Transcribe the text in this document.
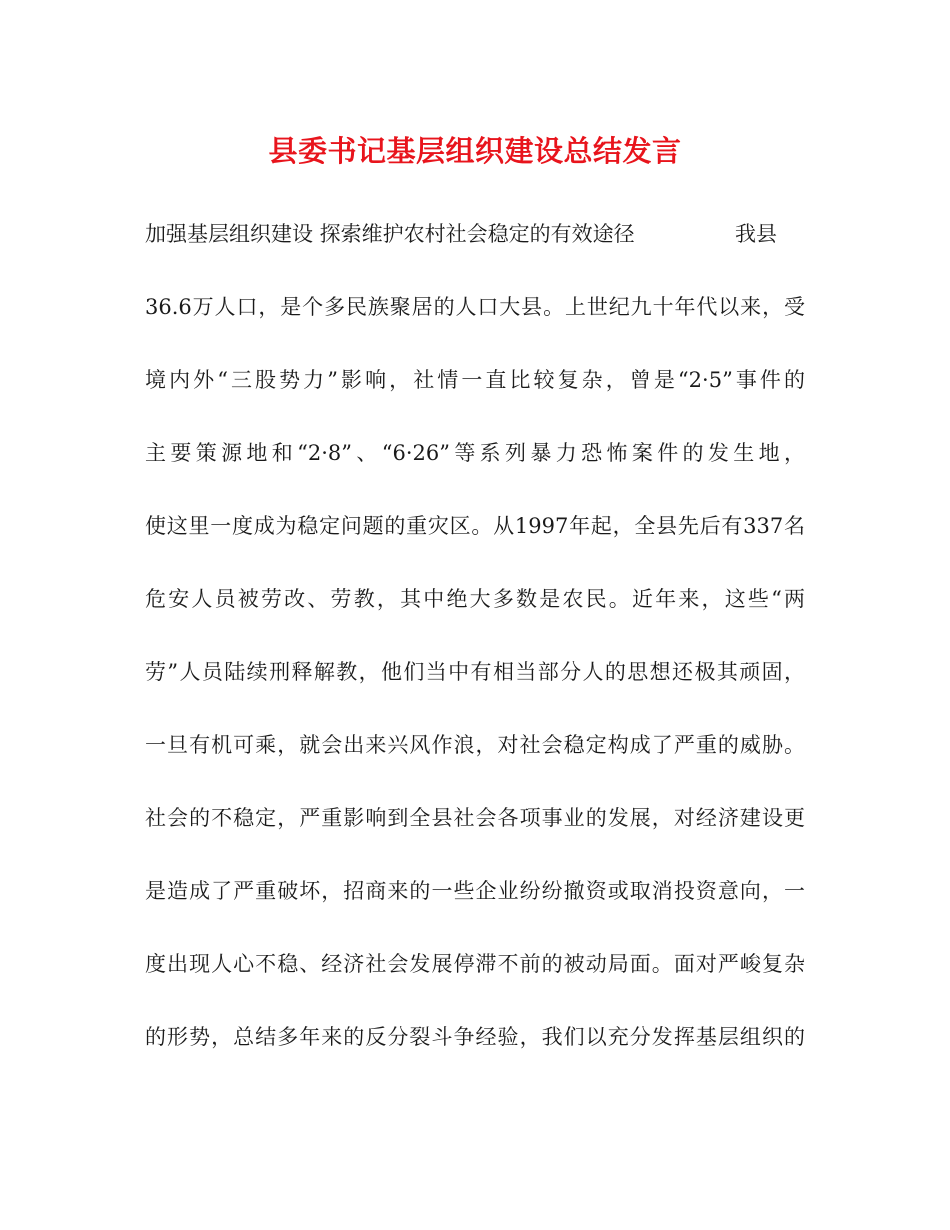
县委书记基层组织建设总结发言
加强基层组织建设 探索维护农村社会稳定的有效途径	我县
36.6万人口，是个多民族聚居的人口大县。上世纪九十年代以来，受
境内外“三股势力”影响，社情一直比较复杂，曾是“2·5”事件的
主要策源地和“2·8”、“6·26”等系列暴力恐怖案件的发生地，
使这里一度成为稳定问题的重灾区。从1997年起，全县先后有337名
危安人员被劳改、劳教，其中绝大多数是农民。近年来，这些“两
劳”人员陆续刑释解教，他们当中有相当部分人的思想还极其顽固，
一旦有机可乘，就会出来兴风作浪，对社会稳定构成了严重的威胁。
社会的不稳定，严重影响到全县社会各项事业的发展，对经济建设更
是造成了严重破坏，招商来的一些企业纷纷撤资或取消投资意向，一
度出现人心不稳、经济社会发展停滞不前的被动局面。面对严峻复杂
的形势，总结多年来的反分裂斗争经验，我们以充分发挥基层组织的
